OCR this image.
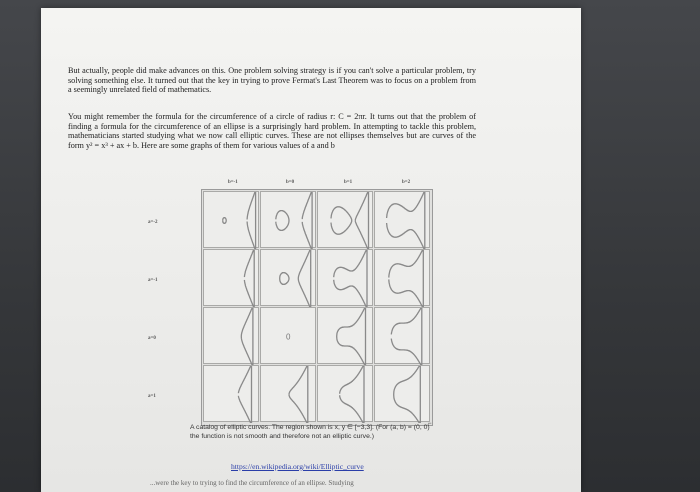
But actually, people did make advances on this. One problem solving strategy is if you can't solve a particular problem, try solving something else. It turned out that the key in trying to prove Fermat's Last Theorem was to focus on a problem from a seemingly unrelated field of mathematics.
You might remember the formula for the circumference of a circle of radius r: C = 2πr. It turns out that the problem of finding a formula for the circumference of an ellipse is a surprisingly hard problem. In attempting to tackle this problem, mathematicians started studying what we now call elliptic curves. These are not ellipses themselves but are curves of the form y² = x³ + ax + b. Here are some graphs of them for various values of a and b
b=-1	b=0	b=1	b=2
a=-2
a=-1
a=0
a=1
0
A catalog of elliptic curves. The region shown is x, y ∈ [−3,3]. (For (a, b) = (0, 0) the function is not smooth and therefore not an elliptic curve.)
⌐
https://en.wikipedia.org/wiki/Elliptic_curve
...were the key to trying to find the circumference of an ellipse. Studying
